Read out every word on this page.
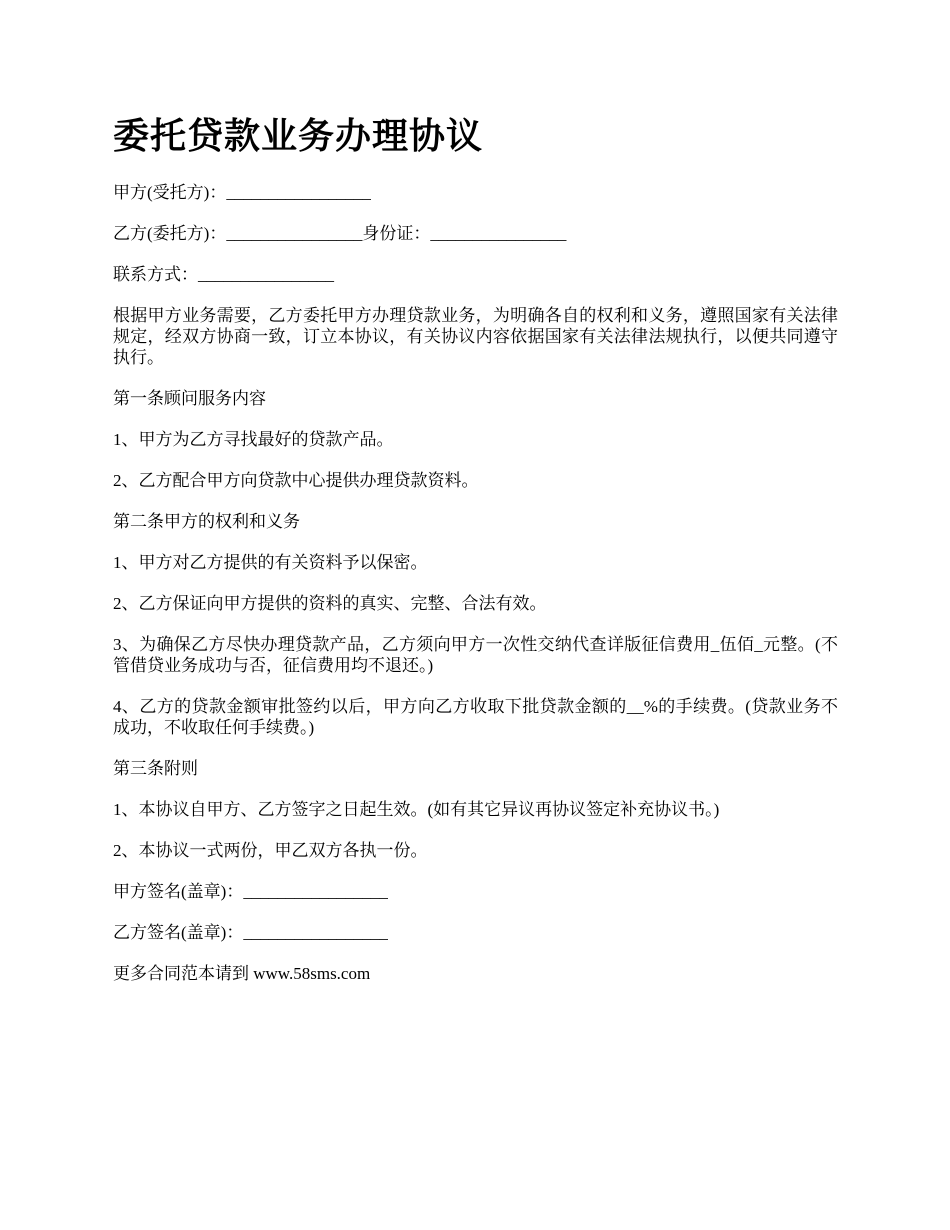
委托贷款业务办理协议

甲方(受托方)：_________________

乙方(委托方)：________________身份证：________________

联系方式：________________

根据甲方业务需要，乙方委托甲方办理贷款业务，为明确各自的权利和义务，遵照国家有关法律规定，经双方协商一致，订立本协议，有关协议内容依据国家有关法律法规执行，以便共同遵守执行。

第一条顾问服务内容

1、甲方为乙方寻找最好的贷款产品。

2、乙方配合甲方向贷款中心提供办理贷款资料。

第二条甲方的权利和义务

1、甲方对乙方提供的有关资料予以保密。

2、乙方保证向甲方提供的资料的真实、完整、合法有效。

3、为确保乙方尽快办理贷款产品，乙方须向甲方一次性交纳代查详版征信费用_伍佰_元整。(不管借贷业务成功与否，征信费用均不退还。)

4、乙方的贷款金额审批签约以后，甲方向乙方收取下批贷款金额的__%的手续费。(贷款业务不成功，不收取任何手续费。)

第三条附则

1、本协议自甲方、乙方签字之日起生效。(如有其它异议再协议签定补充协议书。)

2、本协议一式两份，甲乙双方各执一份。

甲方签名(盖章)：_________________

乙方签名(盖章)：_________________

更多合同范本请到 www.58sms.com
